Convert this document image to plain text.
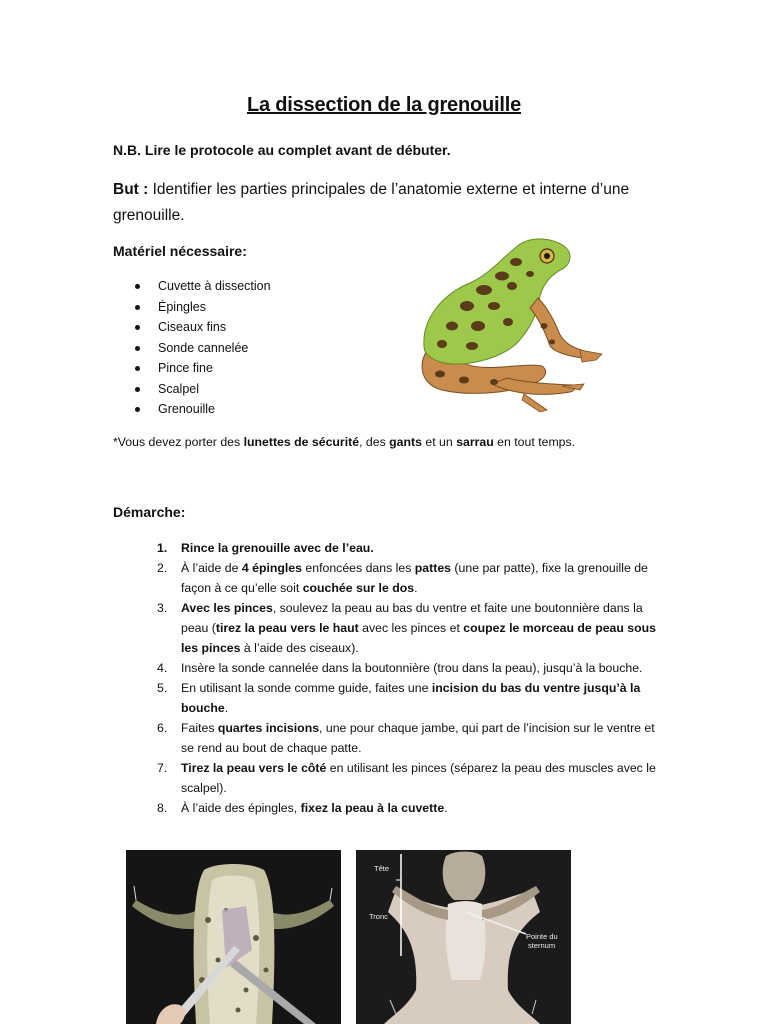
La dissection de la grenouille
N.B. Lire le protocole au complet avant de débuter.
But : Identifier les parties principales de l’anatomie externe et interne d’une grenouille.
Matériel nécessaire:
Cuvette à dissection
Épingles
Ciseaux fins
Sonde cannelée
Pince fine
Scalpel
Grenouille
*Vous devez porter des lunettes de sécurité, des gants et un sarrau en tout temps.
Démarche:
1. Rince la grenouille avec de l’eau.
2. À l’aide de 4 épingles enfoncées dans les pattes (une par patte), fixe la grenouille de façon à ce qu’elle soit couchée sur le dos.
3. Avec les pinces, soulevez la peau au bas du ventre et faite une boutonnière dans la peau (tirez la peau vers le haut avec les pinces et coupez le morceau de peau sous les pinces à l’aide des ciseaux).
4. Insère la sonde cannelée dans la boutonnière (trou dans la peau), jusqu’à la bouche.
5. En utilisant la sonde comme guide, faites une incision du bas du ventre jusqu’à la bouche.
6. Faites quartes incisions, une pour chaque jambe, qui part de l’incision sur le ventre et se rend au bout de chaque patte.
7. Tirez la peau vers le côté en utilisant les pinces (séparez la peau des muscles avec le scalpel).
8. À l’aide des épingles, fixez la peau à la cuvette.
Tête
Tronc
Pointe du
sternum
